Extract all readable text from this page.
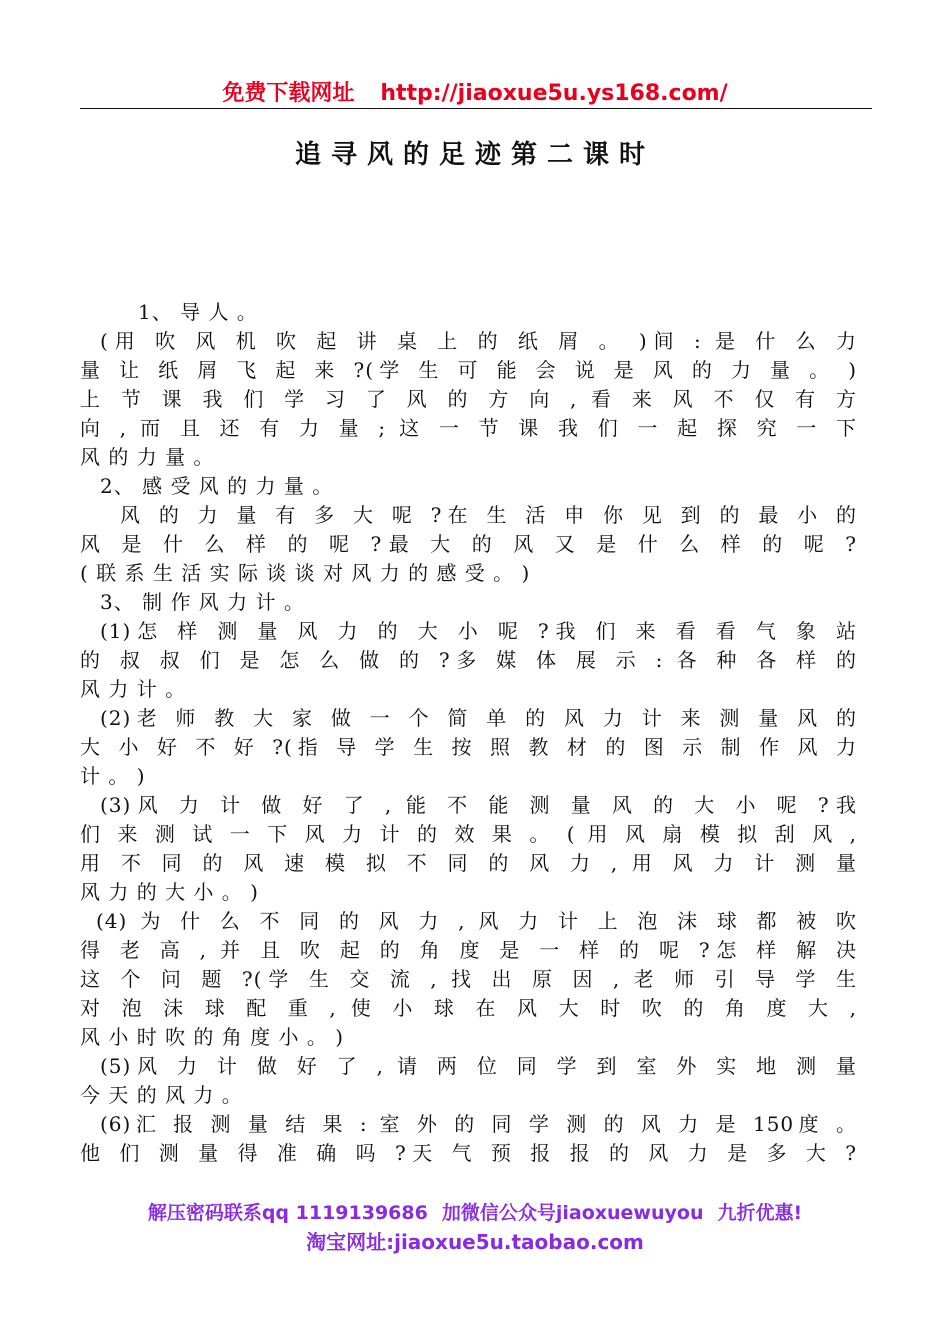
免费下载网址 http://jiaoxue5u.ys168.com/
追寻风的足迹第二课时
1、 导 人 。
(用 吹 风 机 吹 起 讲 桌 上 的 纸 屑 。 )间 : 是 什 么 力
量 让 纸 屑 飞 起 来 ?(学 生 可 能 会 说 是 风 的 力 量 。 )
上 节 课 我 们 学 习 了 风 的 方 向 , 看 来 风 不 仅 有 方
向 , 而 且 还 有 力 量 ; 这 一 节 课 我 们 一 起 探 究 一 下
风 的 力 量 。
2、 感 受 风 的 力 量 。
风 的 力 量 有 多 大 呢 ?在 生 活 申 你 见 到 的 最 小 的
风 是 什 么 样 的 呢 ?最 大 的 风 又 是 什 么 样 的 呢 ?
( 联 系 生 活 实 际 谈 谈 对 风 力 的 感 受 。 )
3、 制 作 风 力 计 。
(1)怎 样 测 量 风 力 的 大 小 呢 ?我 们 来 看 看 气 象 站
的 叔 叔 们 是 怎 么 做 的 ?多 媒 体 展 示 : 各 种 各 样 的
风 力 计 。
(2)老 师 教 大 家 做 一 个 简 单 的 风 力 计 来 测 量 风 的
大 小 好 不 好 ?(指 导 学 生 按 照 教 材 的 图 示 制 作 风 力
计 。 )
(3)风 力 计 做 好 了 , 能 不 能 测 量 风 的 大 小 呢 ?我
们 来 测 试 一 下 风 力 计 的 效 果 。 ( 用 风 扇 模 拟 刮 风 ,
用 不 同 的 风 速 模 拟 不 同 的 风 力 , 用 风 力 计 测 量
风 力 的 大 小 。 )
(4) 为 什 么 不 同 的 风 力 , 风 力 计 上 泡 沫 球 都 被 吹
得 老 高 , 并 且 吹 起 的 角 度 是 一 样 的 呢 ?怎 样 解 决
这 个 问 题 ?(学 生 交 流 , 找 出 原 因 , 老 师 引 导 学 生
对 泡 沫 球 配 重 , 使 小 球 在 风 大 时 吹 的 角 度 大 ,
风 小 时 吹 的 角 度 小 。 )
(5)风 力 计 做 好 了 , 请 两 位 同 学 到 室 外 实 地 测 量
今 天 的 风 力 。
(6)汇 报 测 量 结 果 : 室 外 的 同 学 测 的 风 力 是 150度 。
他 们 测 量 得 准 确 吗 ?天 气 预 报 报 的 风 力 是 多 大 ?
解压密码联系qq 1119139686 加微信公众号jiaoxuewuyou 九折优惠!
淘宝网址:jiaoxue5u.taobao.com
